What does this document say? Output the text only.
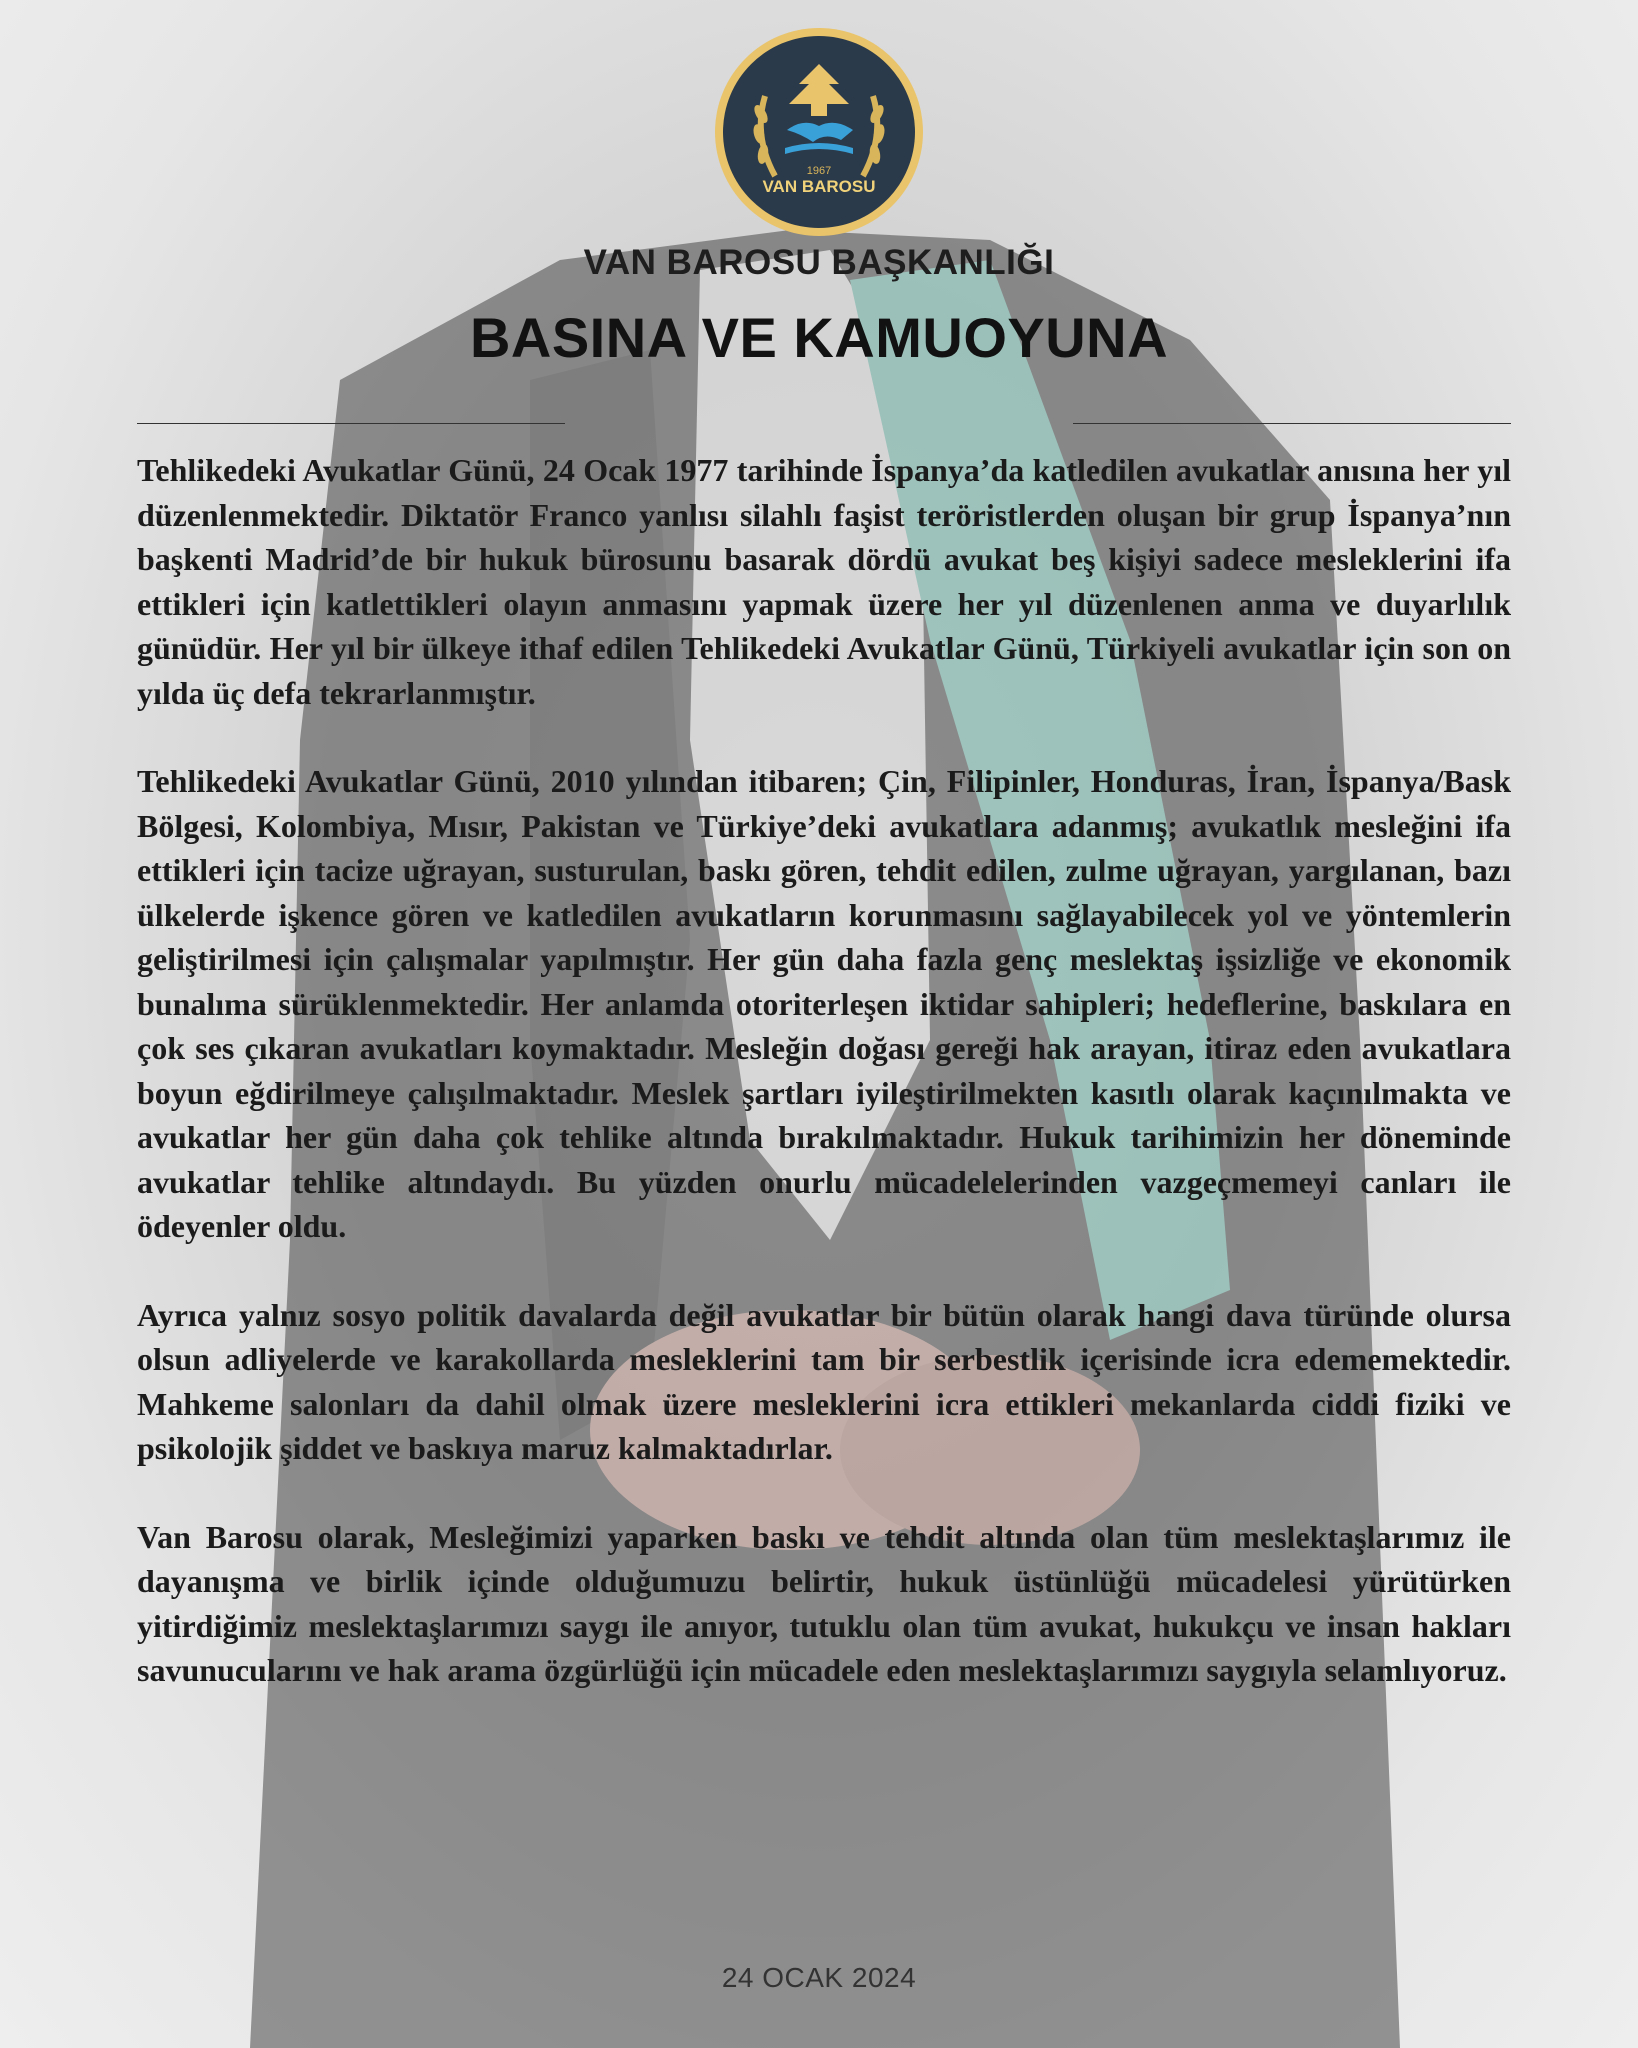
1967
VAN BAROSU
VAN BAROSU BAŞKANLIĞI
BASINA VE KAMUOYUNA

Tehlikedeki Avukatlar Günü, 24 Ocak 1977 tarihinde İspanya’da katledilen avukatlar anısına her yıl düzenlenmektedir. Diktatör Franco yanlısı silahlı faşist teröristlerden oluşan bir grup İspanya’nın başkenti Madrid’de bir hukuk bürosunu basarak dördü avukat beş kişiyi sadece mesleklerini ifa ettikleri için katlettikleri olayın anmasını yapmak üzere her yıl düzenlenen anma ve duyarlılık günüdür. Her yıl bir ülkeye ithaf edilen Tehlikedeki Avukatlar Günü, Türkiyeli avukatlar için son on yılda üç defa tekrarlanmıştır.

Tehlikedeki Avukatlar Günü, 2010 yılından itibaren; Çin, Filipinler, Honduras, İran, İspanya/Bask Bölgesi, Kolombiya, Mısır, Pakistan ve Türkiye’deki avukatlara adanmış; avukatlık mesleğini ifa ettikleri için tacize uğrayan, susturulan, baskı gören, tehdit edilen, zulme uğrayan, yargılanan, bazı ülkelerde işkence gören ve katledilen avukatların korunmasını sağlayabilecek yol ve yöntemlerin geliştirilmesi için çalışmalar yapılmıştır. Her gün daha fazla genç meslektaş işsizliğe ve ekonomik bunalıma sürüklenmektedir. Her anlamda otoriterleşen iktidar sahipleri; hedeflerine, baskılara en çok ses çıkaran avukatları koymaktadır. Mesleğin doğası gereği hak arayan, itiraz eden avukatlara boyun eğdirilmeye çalışılmaktadır. Meslek şartları iyileştirilmekten kasıtlı olarak kaçınılmakta ve avukatlar her gün daha çok tehlike altında bırakılmaktadır. Hukuk tarihimizin her döneminde avukatlar tehlike altındaydı. Bu yüzden onurlu mücadelelerinden vazgeçmemeyi canları ile ödeyenler oldu.

Ayrıca yalnız sosyo politik davalarda değil avukatlar bir bütün olarak hangi dava türünde olursa olsun adliyelerde ve karakollarda mesleklerini tam bir serbestlik içerisinde icra edememektedir. Mahkeme salonları da dahil olmak üzere mesleklerini icra ettikleri mekanlarda ciddi fiziki ve psikolojik şiddet ve baskıya maruz kalmaktadırlar.

Van Barosu olarak, Mesleğimizi yaparken baskı ve tehdit altında olan tüm meslektaşlarımız ile dayanışma ve birlik içinde olduğumuzu belirtir, hukuk üstünlüğü mücadelesi yürütürken yitirdiğimiz meslektaşlarımızı saygı ile anıyor, tutuklu olan tüm avukat, hukukçu ve insan hakları savunucularını ve hak arama özgürlüğü için mücadele eden meslektaşlarımızı saygıyla selamlıyoruz.

24 OCAK 2024
